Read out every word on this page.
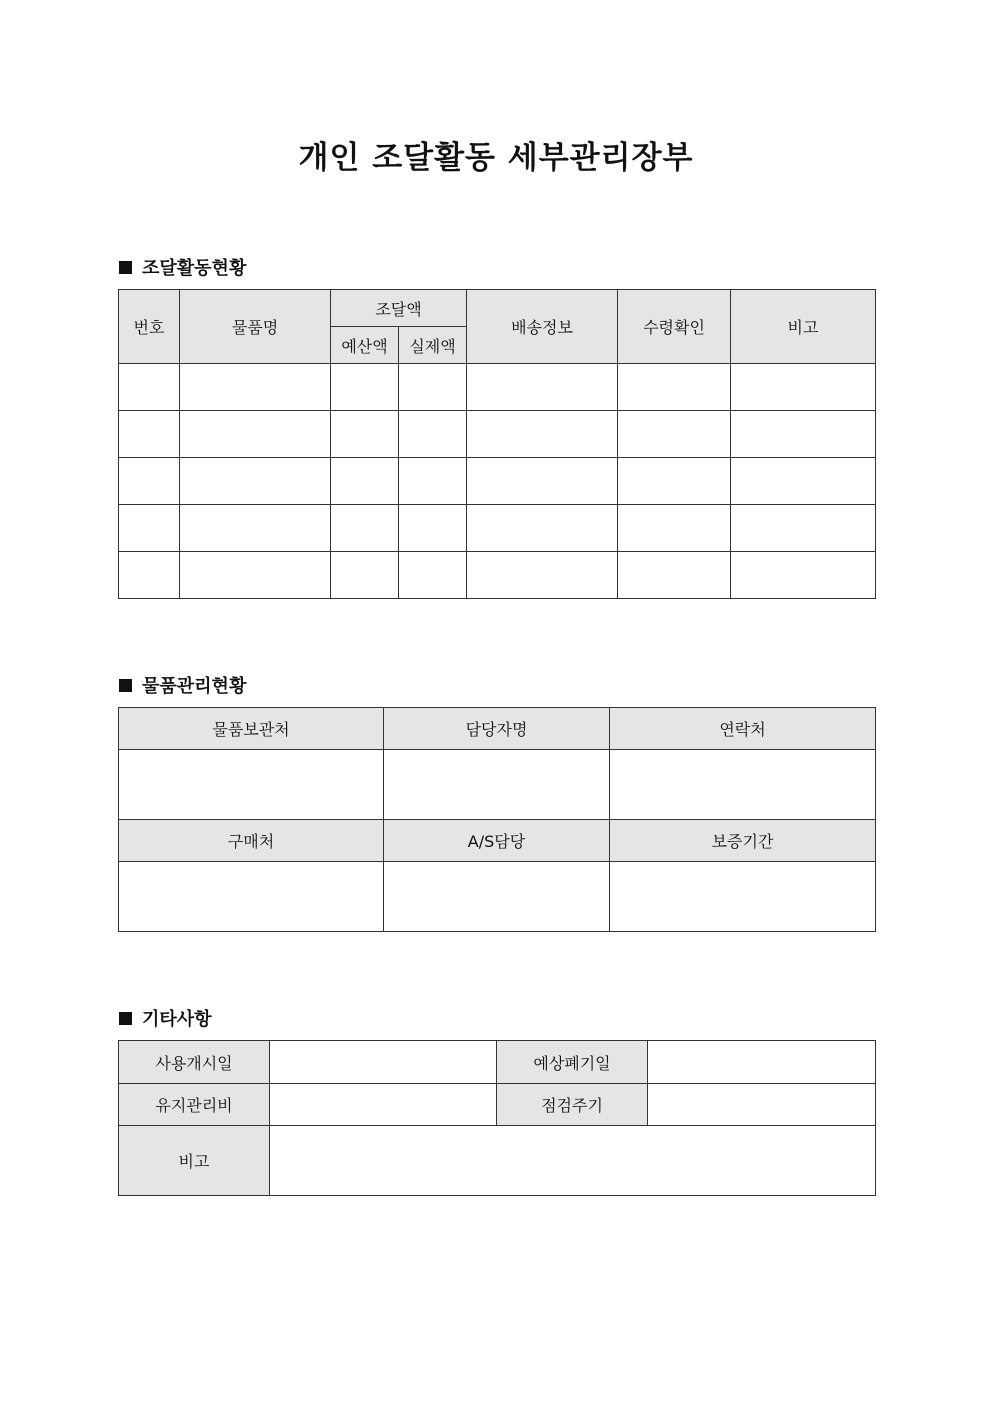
개인 조달활동 세부관리장부
조달활동현황
번호	물품명	조달액		배송정보	수령확인	비고
		예산액	실제액			

물품관리현황
물품보관처	담당자명	연락처

구매처	A/S담당	보증기간

기타사항
사용개시일		예상폐기일	
유지관리비		점검주기	
비고			
